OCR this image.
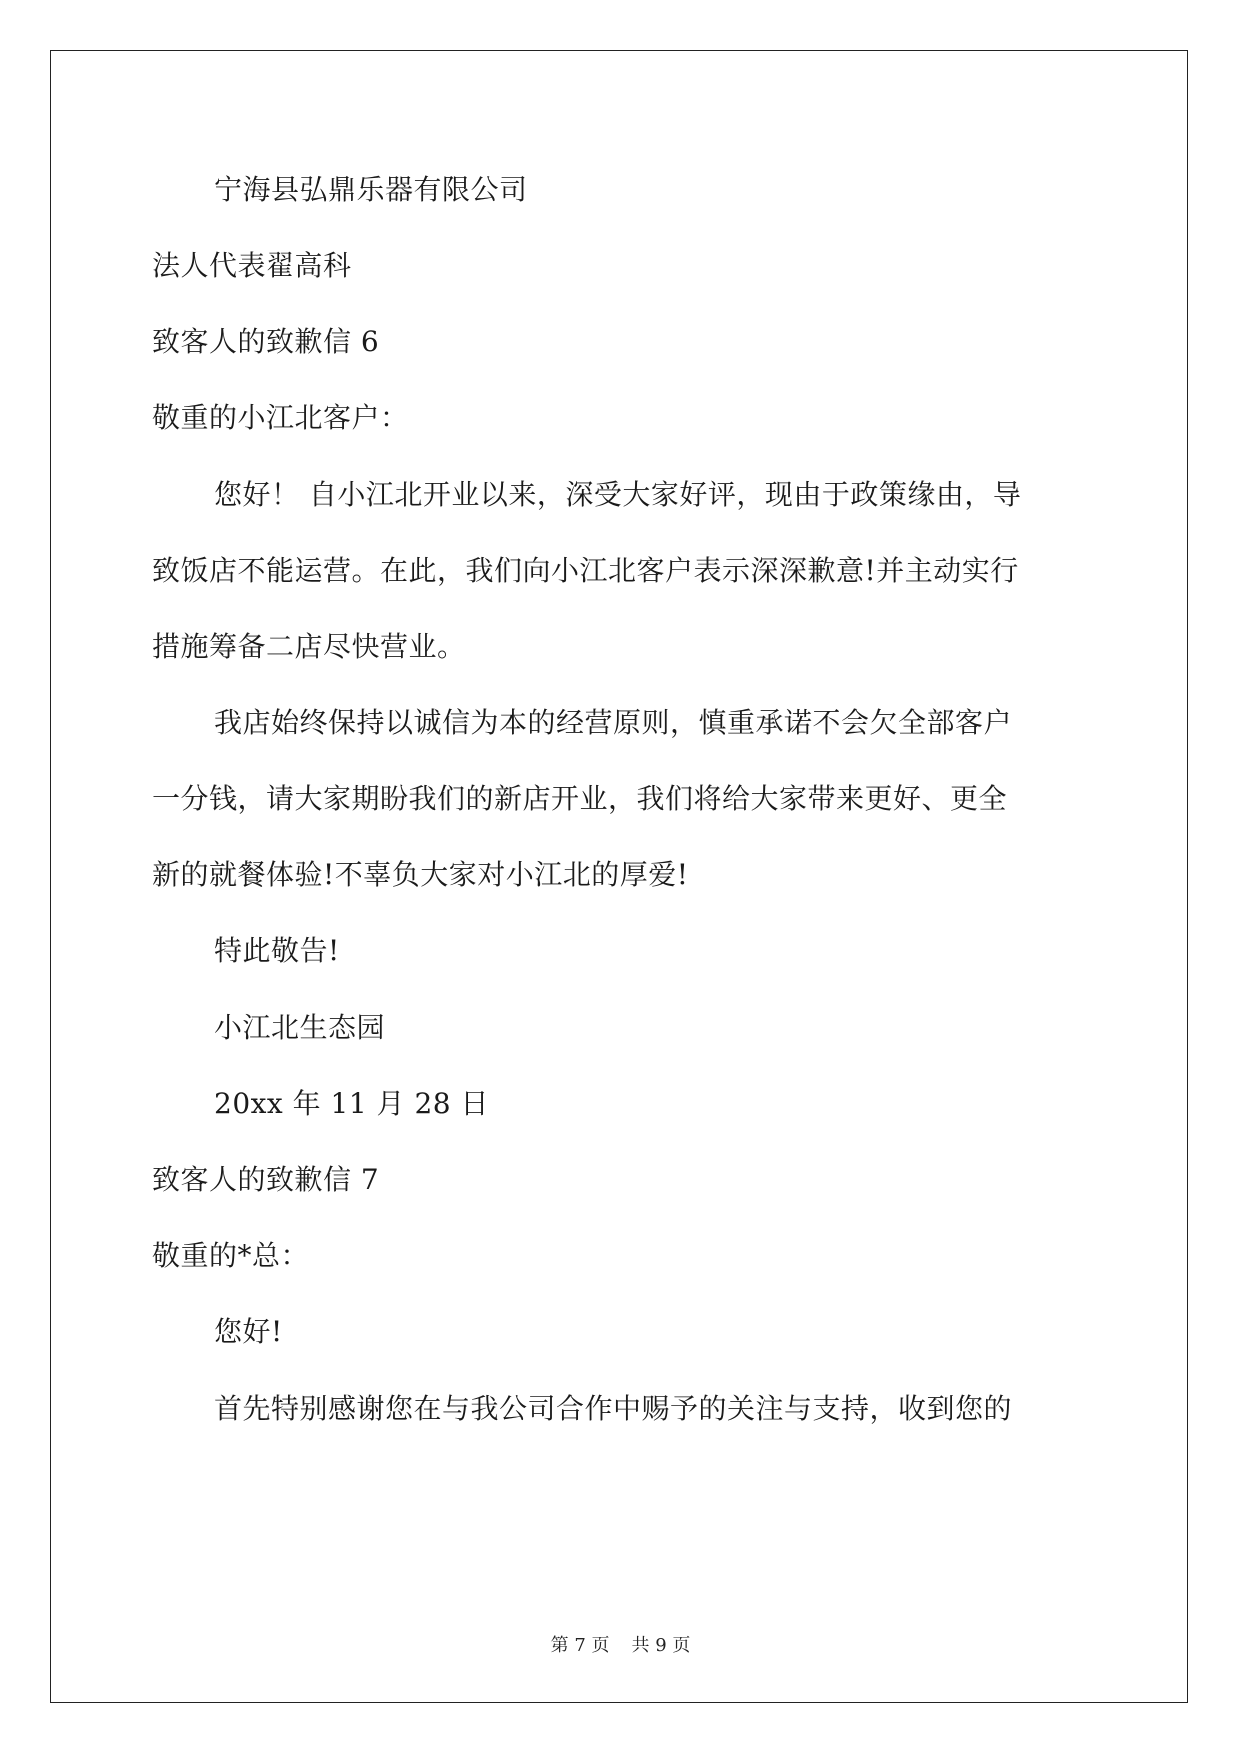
宁海县弘鼎乐器有限公司
法人代表翟高科
致客人的致歉信 6
敬重的小江北客户：
您好！ 自小江北开业以来，深受大家好评，现由于政策缘由，导
致饭店不能运营。在此，我们向小江北客户表示深深歉意!并主动实行
措施筹备二店尽快营业。
我店始终保持以诚信为本的经营原则，慎重承诺不会欠全部客户
一分钱，请大家期盼我们的新店开业，我们将给大家带来更好、更全
新的就餐体验!不辜负大家对小江北的厚爱!
特此敬告!
小江北生态园
20xx 年 11 月 28 日
致客人的致歉信 7
敬重的*总：
您好!
首先特别感谢您在与我公司合作中赐予的关注与支持，收到您的
第 7 页 共 9 页
